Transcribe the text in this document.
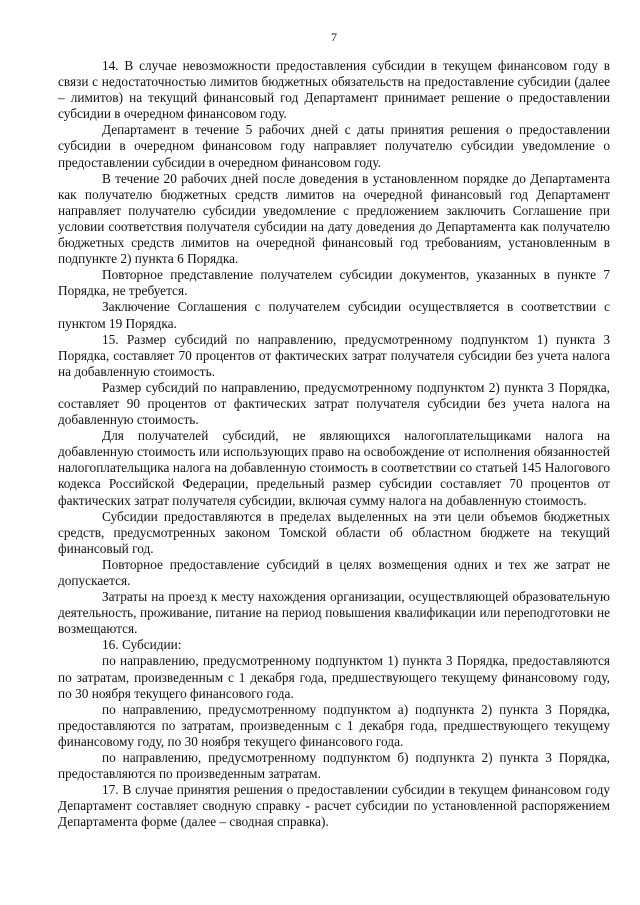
7

14. В случае невозможности предоставления субсидии в текущем финансовом году в связи с недостаточностью лимитов бюджетных обязательств на предоставление субсидии (далее – лимитов) на текущий финансовый год Департамент принимает решение о предоставлении субсидии в очередном финансовом году.

Департамент в течение 5 рабочих дней с даты принятия решения о предоставлении субсидии в очередном финансовом году направляет получателю субсидии уведомление о предоставлении субсидии в очередном финансовом году.

В течение 20 рабочих дней после доведения в установленном порядке до Департамента как получателю бюджетных средств лимитов на очередной финансовый год Департамент направляет получателю субсидии уведомление с предложением заключить Соглашение при условии соответствия получателя субсидии на дату доведения до Департамента как получателю бюджетных средств лимитов на очередной финансовый год требованиям, установленным в подпункте 2) пункта 6 Порядка.

Повторное представление получателем субсидии документов, указанных в пункте 7 Порядка, не требуется.

Заключение Соглашения с получателем субсидии осуществляется в соответствии с пунктом 19 Порядка.

15. Размер субсидий по направлению, предусмотренному подпунктом 1) пункта 3 Порядка, составляет 70 процентов от фактических затрат получателя субсидии без учета налога на добавленную стоимость.

Размер субсидий по направлению, предусмотренному подпунктом 2) пункта 3 Порядка, составляет 90 процентов от фактических затрат получателя субсидии без учета налога на добавленную стоимость.

Для получателей субсидий, не являющихся налогоплательщиками налога на добавленную стоимость или использующих право на освобождение от исполнения обязанностей налогоплательщика налога на добавленную стоимость в соответствии со статьей 145 Налогового кодекса Российской Федерации, предельный размер субсидии составляет 70 процентов от фактических затрат получателя субсидии, включая сумму налога на добавленную стоимость.

Субсидии предоставляются в пределах выделенных на эти цели объемов бюджетных средств, предусмотренных законом Томской области об областном бюджете на текущий финансовый год.

Повторное предоставление субсидий в целях возмещения одних и тех же затрат не допускается.

Затраты на проезд к месту нахождения организации, осуществляющей образовательную деятельность, проживание, питание на период повышения квалификации или переподготовки не возмещаются.

16. Субсидии:

по направлению, предусмотренному подпунктом 1) пункта 3 Порядка, предоставляются по затратам, произведенным с 1 декабря года, предшествующего текущему финансовому году, по 30 ноября текущего финансового года.

по направлению, предусмотренному подпунктом а) подпункта 2) пункта 3 Порядка, предоставляются по затратам, произведенным с 1 декабря года, предшествующего текущему финансовому году, по 30 ноября текущего финансового года.

по направлению, предусмотренному подпунктом б) подпункта 2) пункта 3 Порядка, предоставляются по произведенным затратам.

17. В случае принятия решения о предоставлении субсидии в текущем финансовом году Департамент составляет сводную справку - расчет субсидии по установленной распоряжением Департамента форме (далее – сводная справка).
